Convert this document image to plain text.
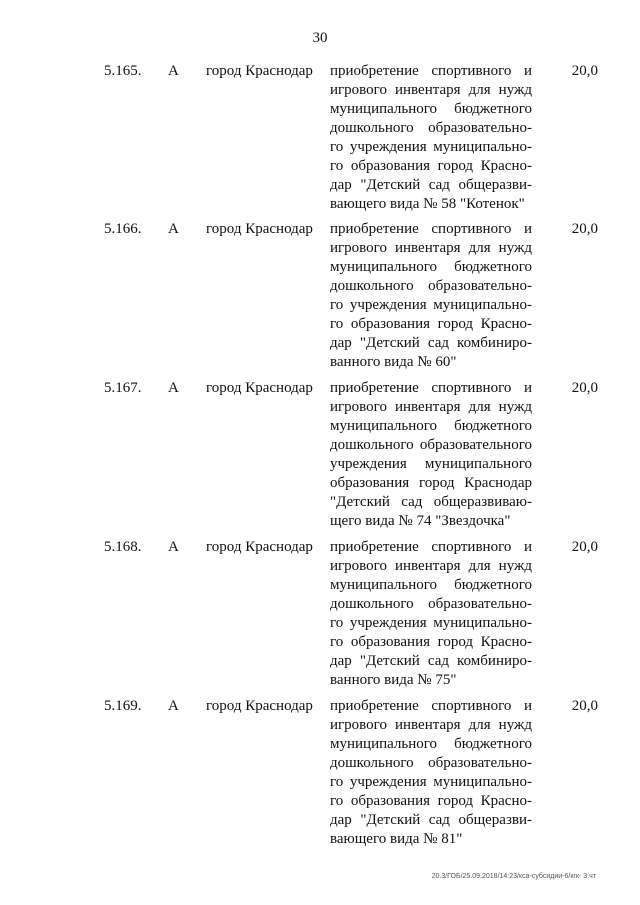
30
5.165. А город Краснодар приобретение спортивного и
игрового инвентаря для нужд
муниципального бюджетного
дошкольного образовательно-
го учреждения муниципально-
го образования город Красно-
дар "Детский сад общеразви-
вающего вида № 58 "Котенок"
20,0
5.166. А город Краснодар приобретение спортивного и
игрового инвентаря для нужд
муниципального бюджетного
дошкольного образовательно-
го учреждения муниципально-
го образования город Красно-
дар "Детский сад комбиниро-
ванного вида № 60"
20,0
5.167. А город Краснодар приобретение спортивного и
игрового инвентаря для нужд
муниципального бюджетного
дошкольного образовательного
учреждения муниципального
образования город Краснодар
"Детский сад общеразвиваю-
щего вида № 74 "Звездочка"
20,0
5.168. А город Краснодар приобретение спортивного и
игрового инвентаря для нужд
муниципального бюджетного
дошкольного образовательно-
го учреждения муниципально-
го образования город Красно-
дар "Детский сад комбиниро-
ванного вида № 75"
20,0
5.169. А город Краснодар приобретение спортивного и
игрового инвентаря для нужд
муниципального бюджетного
дошкольного образовательно-
го учреждения муниципально-
го образования город Красно-
дар "Детский сад общеразви-
вающего вида № 81"
20,0
20.3/ГОБ/25.09.2018/14:23/кса-субсидии-6/кгк- 3.чт
